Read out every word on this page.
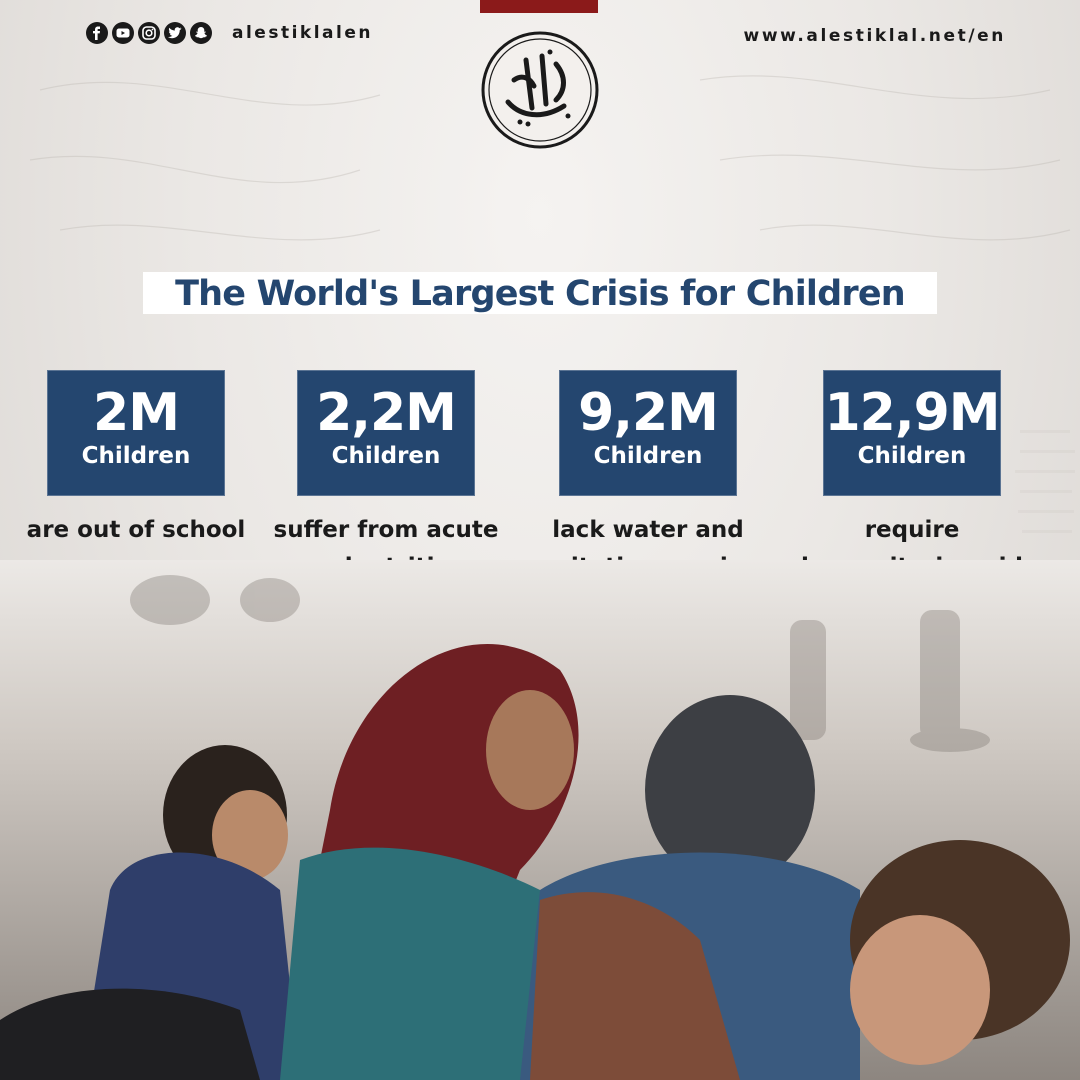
alestiklalen	www.alestiklal.net/en
The World's Largest Crisis for Children
2M
Children
are out of school
2,2M
Children
suffer from acute
9,2M
Children
lack water and
12,9M
Children
require
